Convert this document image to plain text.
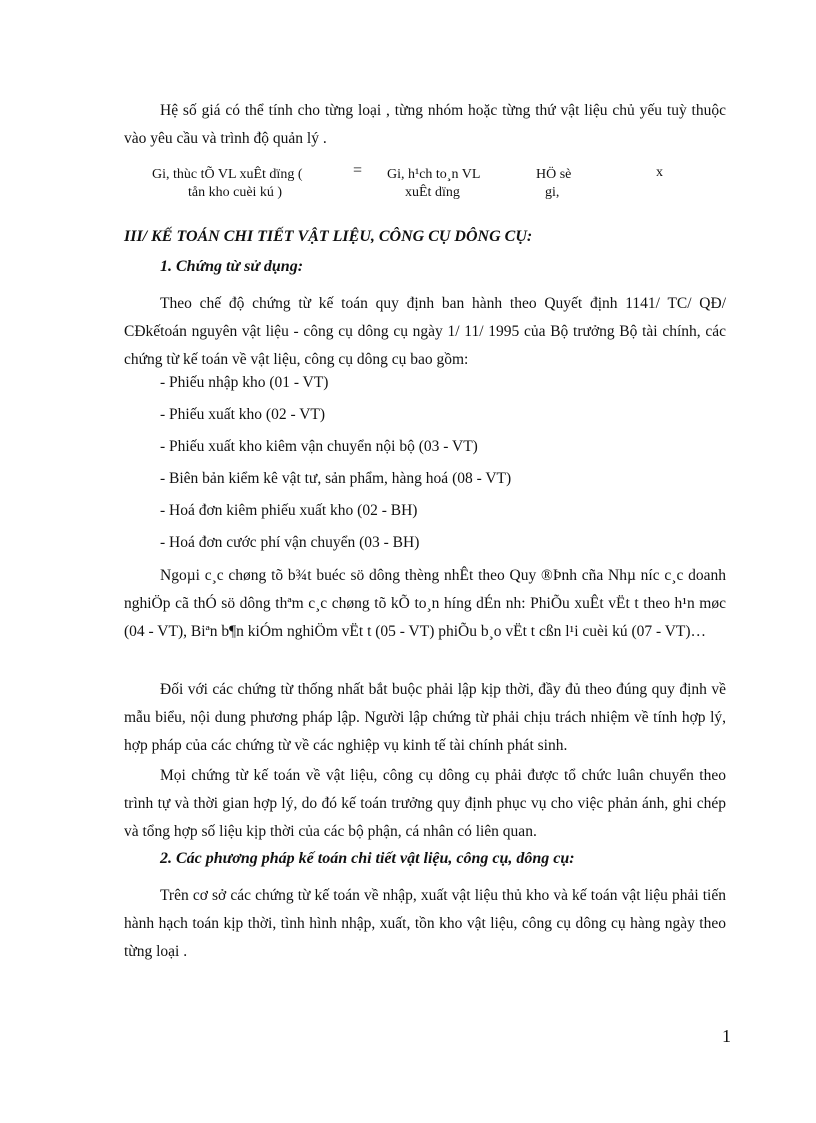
Hệ số giá có thể tính cho từng loại , từng nhóm hoặc từng thứ vật liệu chủ yếu tuỳ thuộc vào yêu cầu và trình độ quản lý .

Gi, thùc tÕ VL xuÊt dïng (
tån kho cuèi kú )
= Gi, h¹ch to¸n VL
xuÊt dïng
HÖ sè
gi,
x
III/ KẾ TOÁN CHI TIẾT VẬT LIỆU, CÔNG CỤ DÔNG CỤ:
1. Chứng từ sử dụng:

Theo chế độ chứng từ kế toán quy định ban hành theo Quyết định 1141/ TC/ QĐ/ CĐkếtoán nguyên vật liệu - công cụ dông cụ ngày 1/ 11/ 1995 của Bộ trưởng Bộ tài chính, các chứng từ kế toán về vật liệu, công cụ dông cụ bao gồm:

- Phiếu nhập kho (01 - VT)
- Phiếu xuất kho (02 - VT)
- Phiếu xuất kho kiêm vận chuyển nội bộ (03 - VT)
- Biên bản kiểm kê vật tư, sản phẩm, hàng hoá (08 - VT)
- Hoá đơn kiêm phiếu xuất kho (02 - BH)
- Hoá đơn cước phí vận chuyển (03 - BH)

Ngoµi c¸c chøng tõ b¾t buéc sö dông thèng nhÊt theo Quy ®Þnh cña Nhµ níc c¸c doanh nghiÖp cã thÓ sö dông thªm c¸c chøng tõ kÕ to¸n híng dÉn nh: PhiÕu xuÊt vËt t theo h¹n møc (04 - VT), Biªn b¶n kiÓm nghiÖm vËt t (05 - VT) phiÕu b¸o vËt t cßn l¹i cuèi kú (07 - VT)…

Đối với các chứng từ thống nhất bắt buộc phải lập kịp thời, đầy đủ theo đúng quy định về mẫu biểu, nội dung phương pháp lập. Người lập chứng từ phải chịu trách nhiệm về tính hợp lý, hợp pháp của các chứng từ về các nghiệp vụ kinh tế tài chính phát sinh.

Mọi chứng từ kế toán về vật liệu, công cụ dông cụ phải được tổ chức luân chuyển theo trình tự và thời gian hợp lý, do đó kế toán trưởng quy định phục vụ cho việc phản ánh, ghi chép và tổng hợp số liệu kịp thời của các bộ phận, cá nhân có liên quan.

2. Các phương pháp kế toán chi tiết vật liệu, công cụ, dông cụ:

Trên cơ sở các chứng từ kế toán về nhập, xuất vật liệu thủ kho và kế toán vật liệu phải tiến hành hạch toán kịp thời, tình hình nhập, xuất, tồn kho vật liệu, công cụ dông cụ hàng ngày theo từng loại .

1
